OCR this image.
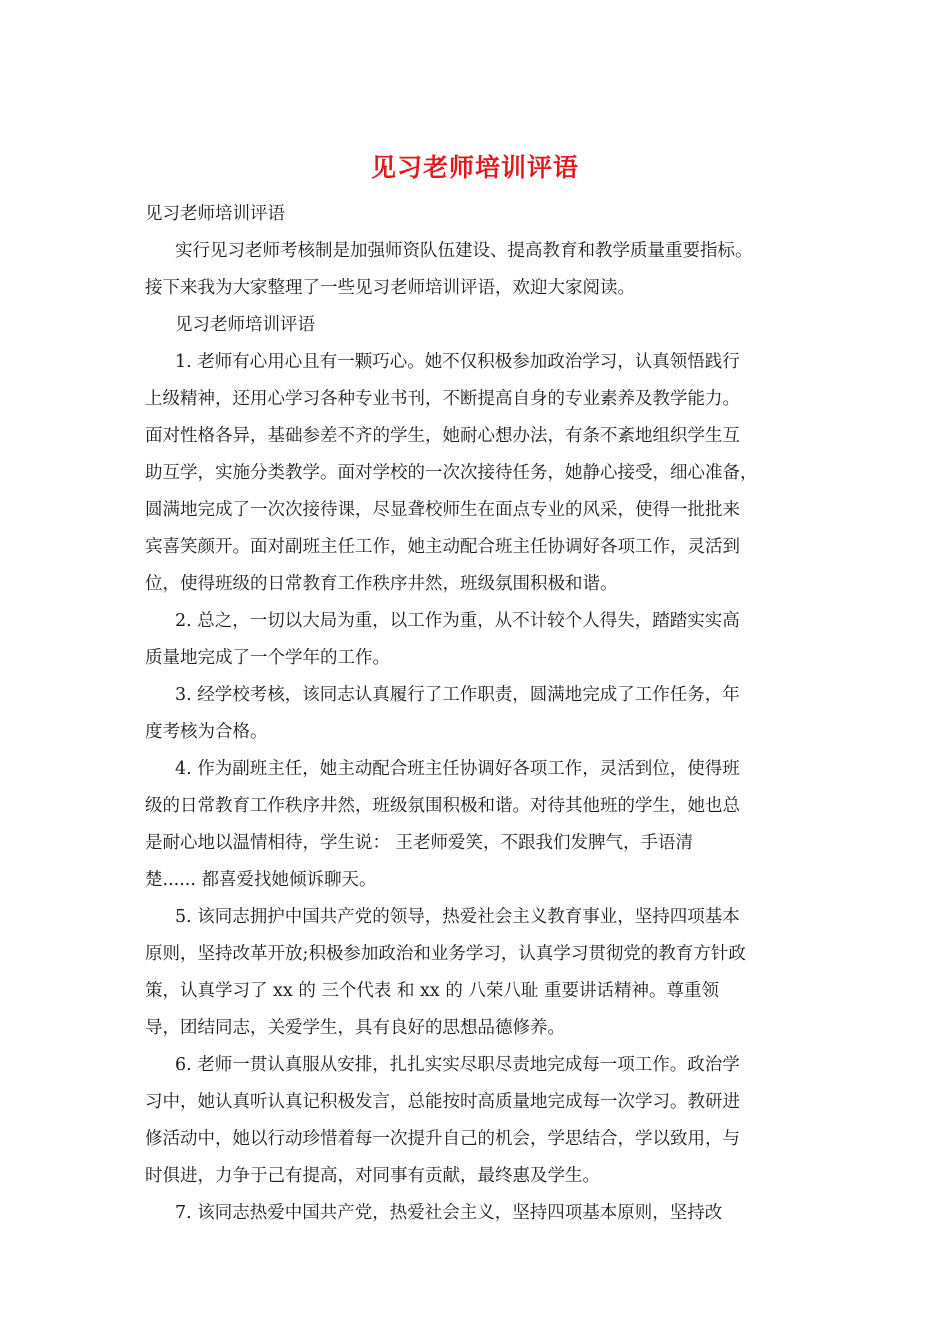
见习老师培训评语

见习老师培训评语

实行见习老师考核制是加强师资队伍建设、提高教育和教学质量重要指标。

接下来我为大家整理了一些见习老师培训评语，欢迎大家阅读。

见习老师培训评语

1. 老师有心用心且有一颗巧心。她不仅积极参加政治学习，认真领悟践行

上级精神，还用心学习各种专业书刊，不断提高自身的专业素养及教学能力。

面对性格各异，基础参差不齐的学生，她耐心想办法，有条不紊地组织学生互

助互学，实施分类教学。面对学校的一次次接待任务，她静心接受，细心准备，

圆满地完成了一次次接待课，尽显聋校师生在面点专业的风采，使得一批批来

宾喜笑颜开。面对副班主任工作，她主动配合班主任协调好各项工作，灵活到

位，使得班级的日常教育工作秩序井然，班级氛围积极和谐。

2. 总之，一切以大局为重，以工作为重，从不计较个人得失，踏踏实实高

质量地完成了一个学年的工作。

3. 经学校考核，该同志认真履行了工作职责，圆满地完成了工作任务，年

度考核为合格。

4. 作为副班主任，她主动配合班主任协调好各项工作，灵活到位，使得班

级的日常教育工作秩序井然，班级氛围积极和谐。对待其他班的学生，她也总

是耐心地以温情相待，学生说： 王老师爱笑，不跟我们发脾气，手语清

楚...... 都喜爱找她倾诉聊天。

5. 该同志拥护中国共产党的领导，热爱社会主义教育事业，坚持四项基本

原则，坚持改革开放;积极参加政治和业务学习，认真学习贯彻党的教育方针政

策，认真学习了 xx 的 三个代表 和 xx 的 八荣八耻 重要讲话精神。尊重领

导，团结同志，关爱学生，具有良好的思想品德修养。

6. 老师一贯认真服从安排，扎扎实实尽职尽责地完成每一项工作。政治学

习中，她认真听认真记积极发言，总能按时高质量地完成每一次学习。教研进

修活动中，她以行动珍惜着每一次提升自己的机会，学思结合，学以致用，与

时俱进，力争于己有提高，对同事有贡献，最终惠及学生。

7. 该同志热爱中国共产党，热爱社会主义，坚持四项基本原则，坚持改
